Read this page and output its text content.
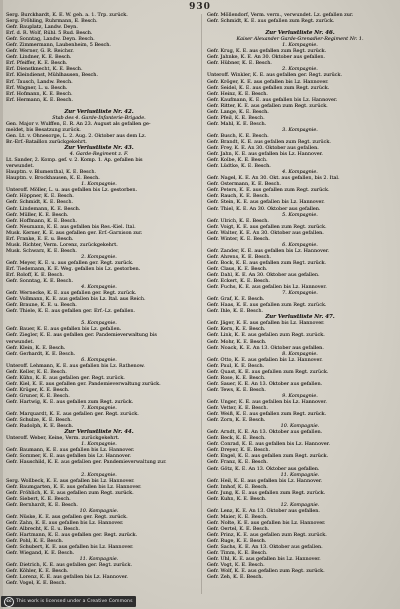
930
Serg. Burckhardt, K. E. W. geh. a. 1. Trp. zurück.
Serg. Fröhling, Ruhrmann, E. Besch.
Gefr. Bauplatz, Landw. Deyn.
Erf. d. R. Wolf, Rühl. 5 Rud. Besch.
Gefr. Sonntag, Landw. Deyn. Besch.
Gefr. Zimmermann, Laubenheim, 5 Besch.
Gefr. Werner, G. R. Reichsr.
Gefr. Lindner, K. E. Besch.
Erf. Pfeiffer, K. E. Besch.
Erf. Dienstknecht, K. E. Besch.
Erf. Kleindienst, Mühlhausen, Besch.
Erf. Tausch, Landw. Besch.
Erf. Wagner, L. u. Besch.
Erf. Hofmann, K. E. Besch.
Erf. Hermann, K. E. Besch.
Zur Verlustliste Nr. 42.
Stab des 4. Garde-Infanterie-Brigade.
Gen. Major v. Wulffen, E. R. An 23. August als gefallen ge-
meldet, bis Besatzung zurück.
Gen. Lt. v. Ohnesorge, L. 2. Aug. 2. Oktober aus dem Lz.
Br.-Erf.-Bataillon zurückgekehrt.
Zur Verlustliste Nr. 43.
4. Garde-Regiment z. F.
Lt. Sander, 2. Komp. gef. v. 2. Komp. 1. Ap. gefallen bis
verwundet.
Hauptm. v. Blumenthal, K. E. Besch.
Hauptm. v. Brockhausen, K. E. Besch.
1. Kompagnie.
Unteroff. Möller, L. u. aus gefallen bis Lz. gestorben.
Gefr. Höppner, K. E. Besch.
Gefr. Schmidt, K. E. Besch.
Gefr. Lindemann, K. E. Besch.
Gefr. Müller, K. E. Besch.
Gefr. Hoffmann, K. E. Besch.
Gefr. Neumann, K. E. aus gefallen bis Res.-Kiel. Ital.
Musk. Kerner, K. E. aus gefallen ger. Erf.-Garnison zur.
Erf. Franke, E. E. u. Besch.
Musk. Richter, Verm. Lorenz, zurückgekehrt.
Musk. Schwarz, K. E. Besch.
2. Kompagnie.
Gefr. Meyer, K. E. u. aus gefallen ger. Regt. zurück.
Erf. Tiedemann, K. E. Weg. gefallen bis Lz. gestorben.
Erf. Roloff, K. E. Besch.
Gefr. Sonntag, K. E. Besch.
4. Kompagnie.
Gefr. Wernecke, K. E. aus gefallen ger. Regt. zurück.
Gefr. Vollmann, K. E. aus gefallen bis Lz. Ital. aus Reich.
Gefr. Braune, K. E. u. Besch.
Gefr. Thiele, K. E. aus gefallen ger. Erf.-Lz. gefallen.
5. Kompagnie.
Gefr. Bauer, K. E. aus gefallen bis Lz. gefallen.
Gefr. Ziegler, K. E. aus gefallen ger. Pandemieverwaltung bis
verwundet.
Gefr. Klein, K. E. Besch.
Gefr. Gerhardt, K. E. Besch.
6. Kompagnie.
Unteroff. Lehmann, K. E. aus gefallen bis Lz. Rathenow.
Gefr. Keller, K. E. Besch.
Gefr. Kühn, K. E. aus gefallen ger. Regt. zurück.
Gefr. Kiel, K. E. aus gefallen ger. Pandemieverwaltung zurück.
Gefr. Krüger, K. E. Besch.
Gefr. Gruner, K. E. Besch.
Gefr. Hartwig, K. E. aus gefallen zum Regt. zurück.
7. Kompagnie.
Gefr. Marquardt, K. E. aus gefallen ger. Regt. zurück.
Gefr. Schulze, K. E. Besch.
Gefr. Rudolph, K. E. Besch.
Zur Verlustliste Nr. 44.
Unteroff. Weber, Keine, Verm. zurückgekehrt.
1. Kompagnie.
Gefr. Baumann, K. E. aus gefallen bis Lz. Hannover.
Gefr. Sommer, K. E. aus gefallen bis Lz. Hannover.
Gefr. Hauschild, K. E. aus gefallen ger. Pandemieverwaltung zur.
2. Kompagnie.
Serg. Wollbeck, K. E. aus gefallen bis Lz. Hannover.
Gefr. Baumgarten, K. E. aus gefallen bis Lz. Hannover.
Gefr. Fröhlich, K. E. aus gefallen zum Regt. zurück.
Gefr. Siebert, K. E. Besch.
Gefr. Bernhardt, K. E. Besch.
10. Kompagnie.
Gefr. Nüske, K. E. aus gefallen ger. Regt. zurück.
Gefr. Zahn, K. E. aus gefallen bis Lz. Hannover.
Gefr. Albrecht, K. E. u. Besch.
Gefr. Hartmann, K. E. aus gefallen ger. Regt. zurück.
Gefr. Pohl, K. E. Besch.
Gefr. Schubert, K. E. aus gefallen bis Lz. Hannover.
Gefr. Wiegand, K. E. Besch.
11. Kompagnie.
Gefr. Dietrich, K. E. aus gefallen ger. Regt. zurück.
Gefr. Köhler, K. E. Besch.
Gefr. Lorenz, K. E. aus gefallen bis Lz. Hannover.
Gefr. Vogel, K. E. Besch.
Gefr. Möllendorf, Verm. verm., verwundet. Lz. gefallen zur.
Gefr. Schmidt, K. E. aus gefallen zum Regt. zurück.
Zur Verlustliste Nr. 46.
Kaiser Alexander Garde-Grenadier-Regiment Nr. 1.
1. Kompagnie.
Gefr. Krug, K. E. aus gefallen zum Regt. zurück.
Gefr. Jahnke, K. E. An 30. Oktober aus gefallen.
Gefr. Hübner, K. E. Besch.
2. Kompagnie.
Unteroff. Winkler, K. E. aus gefallen ger. Regt. zurück.
Gefr. Kröger, K. E. aus gefallen bis Lz. Hannover.
Gefr. Seidel, K. E. aus gefallen zum Regt. zurück.
Gefr. Heinz, K. E. Besch.
Gefr. Kaufmann, K. E. aus gefallen bis Lz. Hannover.
Gefr. Ritter, K. E. aus gefallen zum Regt. zurück.
Gefr. Lange, K. E. Besch.
Gefr. Pfeil, K. E. Besch.
Gefr. Mahl, K. E. Besch.
3. Kompagnie.
Gefr. Busch, K. E. Besch.
Gefr. Brandt, K. E. aus gefallen zum Regt. zurück.
Gefr. Frey, K. E. An 30. Oktober aus gefallen.
Gefr. Jahn, K. E. aus gefallen bis Lz. Hannover.
Gefr. Kolbe, K. E. Besch.
Gefr. Lüdtke, K. E. Besch.
4. Kompagnie.
Gefr. Nagel, K. E. An 30. Okt. aus gefallen, bis 2. Ital.
Gefr. Ostermann, K. E. Besch.
Gefr. Peters, K. E. aus gefallen zum Regt. zurück.
Gefr. Rauch, K. E. Besch.
Gefr. Stein, K. E. aus gefallen bis Lz. Hannover.
Gefr. Thiel, K. E. An 30. Oktober aus gefallen.
5. Kompagnie.
Gefr. Ulrich, K. E. Besch.
Gefr. Voigt, K. E. aus gefallen zum Regt. zurück.
Gefr. Walter, K. E. An 30. Oktober aus gefallen.
Gefr. Winter, K. E. Besch.
6. Kompagnie.
Gefr. Zander, K. E. aus gefallen bis Lz. Hannover.
Gefr. Ahrens, K. E. Besch.
Gefr. Bock, K. E. aus gefallen zum Regt. zurück.
Gefr. Claus, K. E. Besch.
Gefr. Dahl, K. E. An 30. Oktober aus gefallen.
Gefr. Eckert, K. E. Besch.
Gefr. Fuchs, K. E. aus gefallen bis Lz. Hannover.
7. Kompagnie.
Gefr. Graf, K. E. Besch.
Gefr. Haas, K. E. aus gefallen zum Regt. zurück.
Gefr. Ihle, K. E. Besch.
Zur Verlustliste Nr. 47.
Gefr. Jäger, K. E. aus gefallen bis Lz. Hannover.
Gefr. Kern, K. E. Besch.
Gefr. Link, K. E. aus gefallen zum Regt. zurück.
Gefr. Mohr, K. E. Besch.
Gefr. Noack, K. E. An 13. Oktober aus gefallen.
8. Kompagnie.
Gefr. Otto, K. E. aus gefallen bis Lz. Hannover.
Gefr. Paul, K. E. Besch.
Gefr. Quast, K. E. aus gefallen zum Regt. zurück.
Gefr. Rose, K. E. Besch.
Gefr. Sauer, K. E. An 13. Oktober aus gefallen.
Gefr. Tews, K. E. Besch.
9. Kompagnie.
Gefr. Unger, K. E. aus gefallen bis Lz. Hannover.
Gefr. Vetter, K. E. Besch.
Gefr. Weiß, K. E. aus gefallen zum Regt. zurück.
Gefr. Zorn, K. E. Besch.
10. Kompagnie.
Gefr. Arndt, K. E. An 13. Oktober aus gefallen.
Gefr. Beck, K. E. Besch.
Gefr. Conrad, K. E. aus gefallen bis Lz. Hannover.
Gefr. Dreyer, K. E. Besch.
Gefr. Engel, K. E. aus gefallen zum Regt. zurück.
Gefr. Franz, K. E. Besch.
Gefr. Götz, K. E. An 13. Oktober aus gefallen.
11. Kompagnie.
Gefr. Heil, K. E. aus gefallen bis Lz. Hannover.
Gefr. Imhof, K. E. Besch.
Gefr. Jung, K. E. aus gefallen zum Regt. zurück.
Gefr. Kuhn, K. E. Besch.
12. Kompagnie.
Gefr. Lenz, K. E. An 13. Oktober aus gefallen.
Gefr. Maier, K. E. Besch.
Gefr. Nolte, K. E. aus gefallen bis Lz. Hannover.
Gefr. Oertel, K. E. Besch.
Gefr. Prinz, K. E. aus gefallen zum Regt. zurück.
Gefr. Ruge, K. E. Besch.
Gefr. Sachs, K. E. An 13. Oktober aus gefallen.
Gefr. Timm, K. E. Besch.
Gefr. Uhl, K. E. aus gefallen bis Lz. Hannover.
Gefr. Vogt, K. E. Besch.
Gefr. Wolf, K. E. aus gefallen zum Regt. zurück.
Gefr. Zeh, K. E. Besch.
cc This work is licensed under a Creative Commons
